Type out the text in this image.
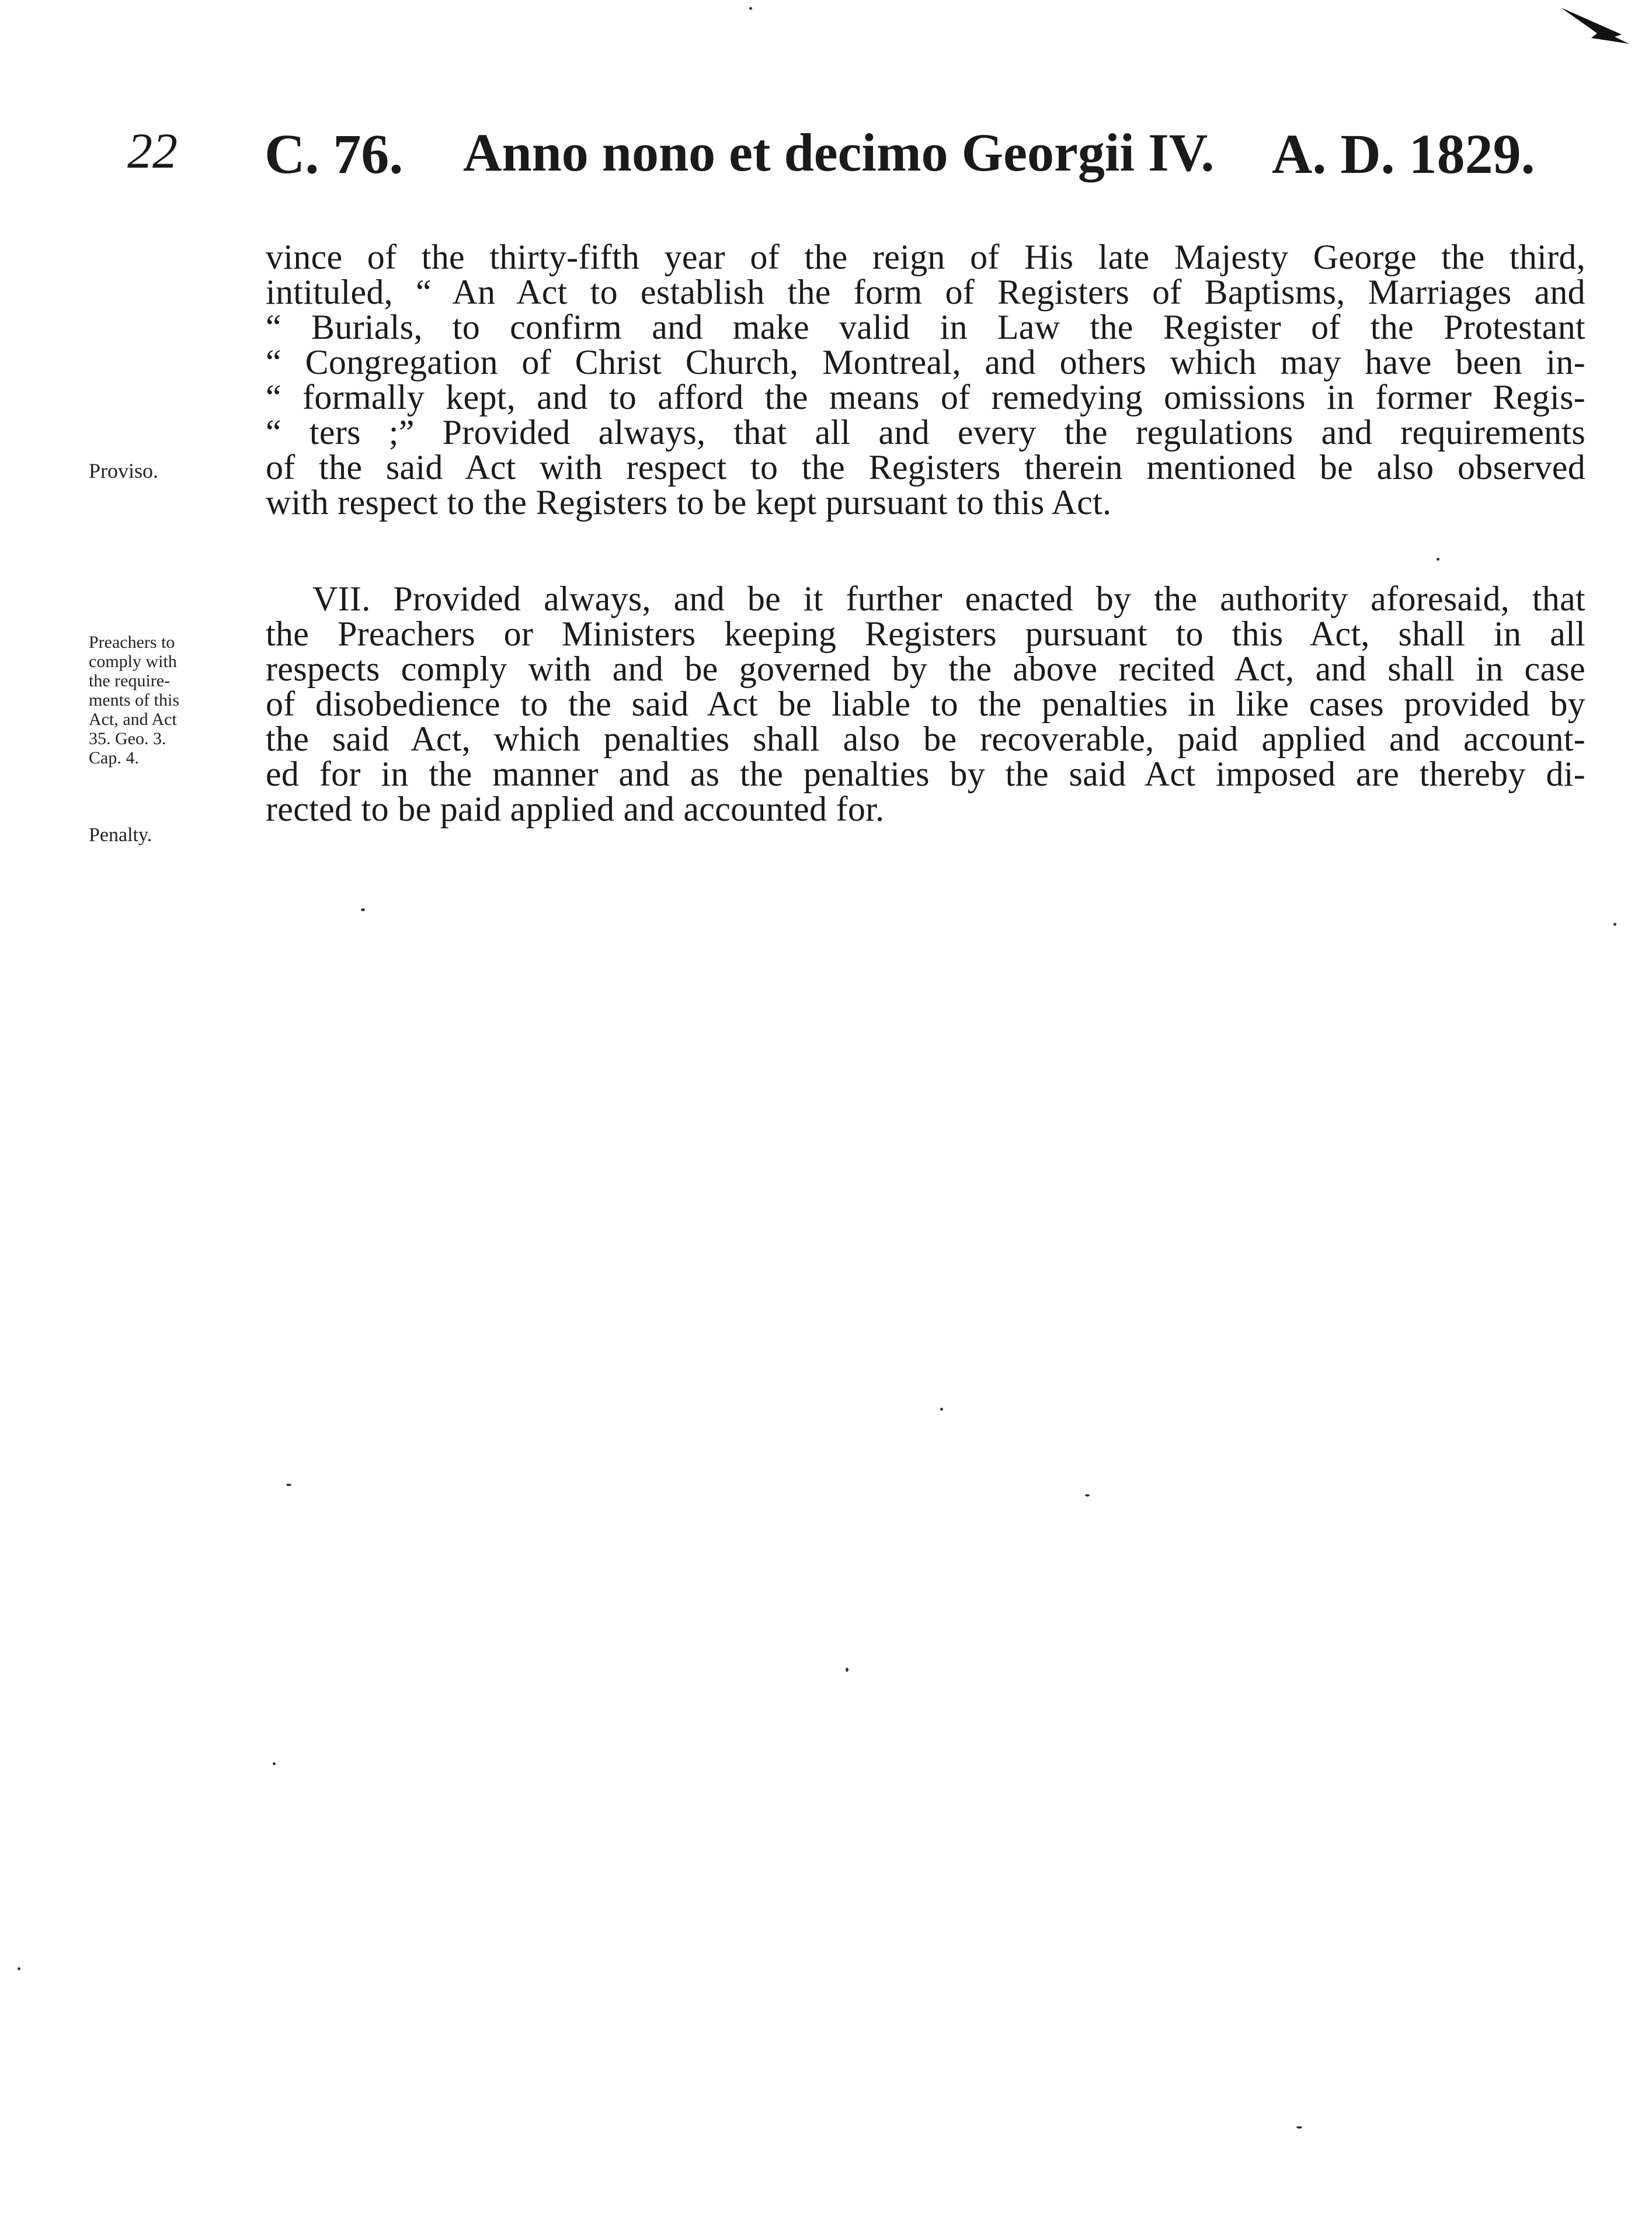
22 C. 76. Anno nono et decimo Georgii IV. A. D. 1829.
Proviso.
Preachers to
comply with
the require-
ments of this
Act, and Act
35. Geo. 3.
Cap. 4.
Penalty.
vince of the thirty-fifth year of the reign of His late Majesty George the third,
intituled, “ An Act to establish the form of Registers of Baptisms, Marriages and
“ Burials, to confirm and make valid in Law the Register of the Protestant
“ Congregation of Christ Church, Montreal, and others which may have been in-
“ formally kept, and to afford the means of remedying omissions in former Regis-
“ ters ;” Provided always, that all and every the regulations and requirements
of the said Act with respect to the Registers therein mentioned be also observed
with respect to the Registers to be kept pursuant to this Act.
VII. Provided always, and be it further enacted by the authority aforesaid, that
the Preachers or Ministers keeping Registers pursuant to this Act, shall in all
respects comply with and be governed by the above recited Act, and shall in case
of disobedience to the said Act be liable to the penalties in like cases provided by
the said Act, which penalties shall also be recoverable, paid applied and account-
ed for in the manner and as the penalties by the said Act imposed are thereby di-
rected to be paid applied and accounted for.
